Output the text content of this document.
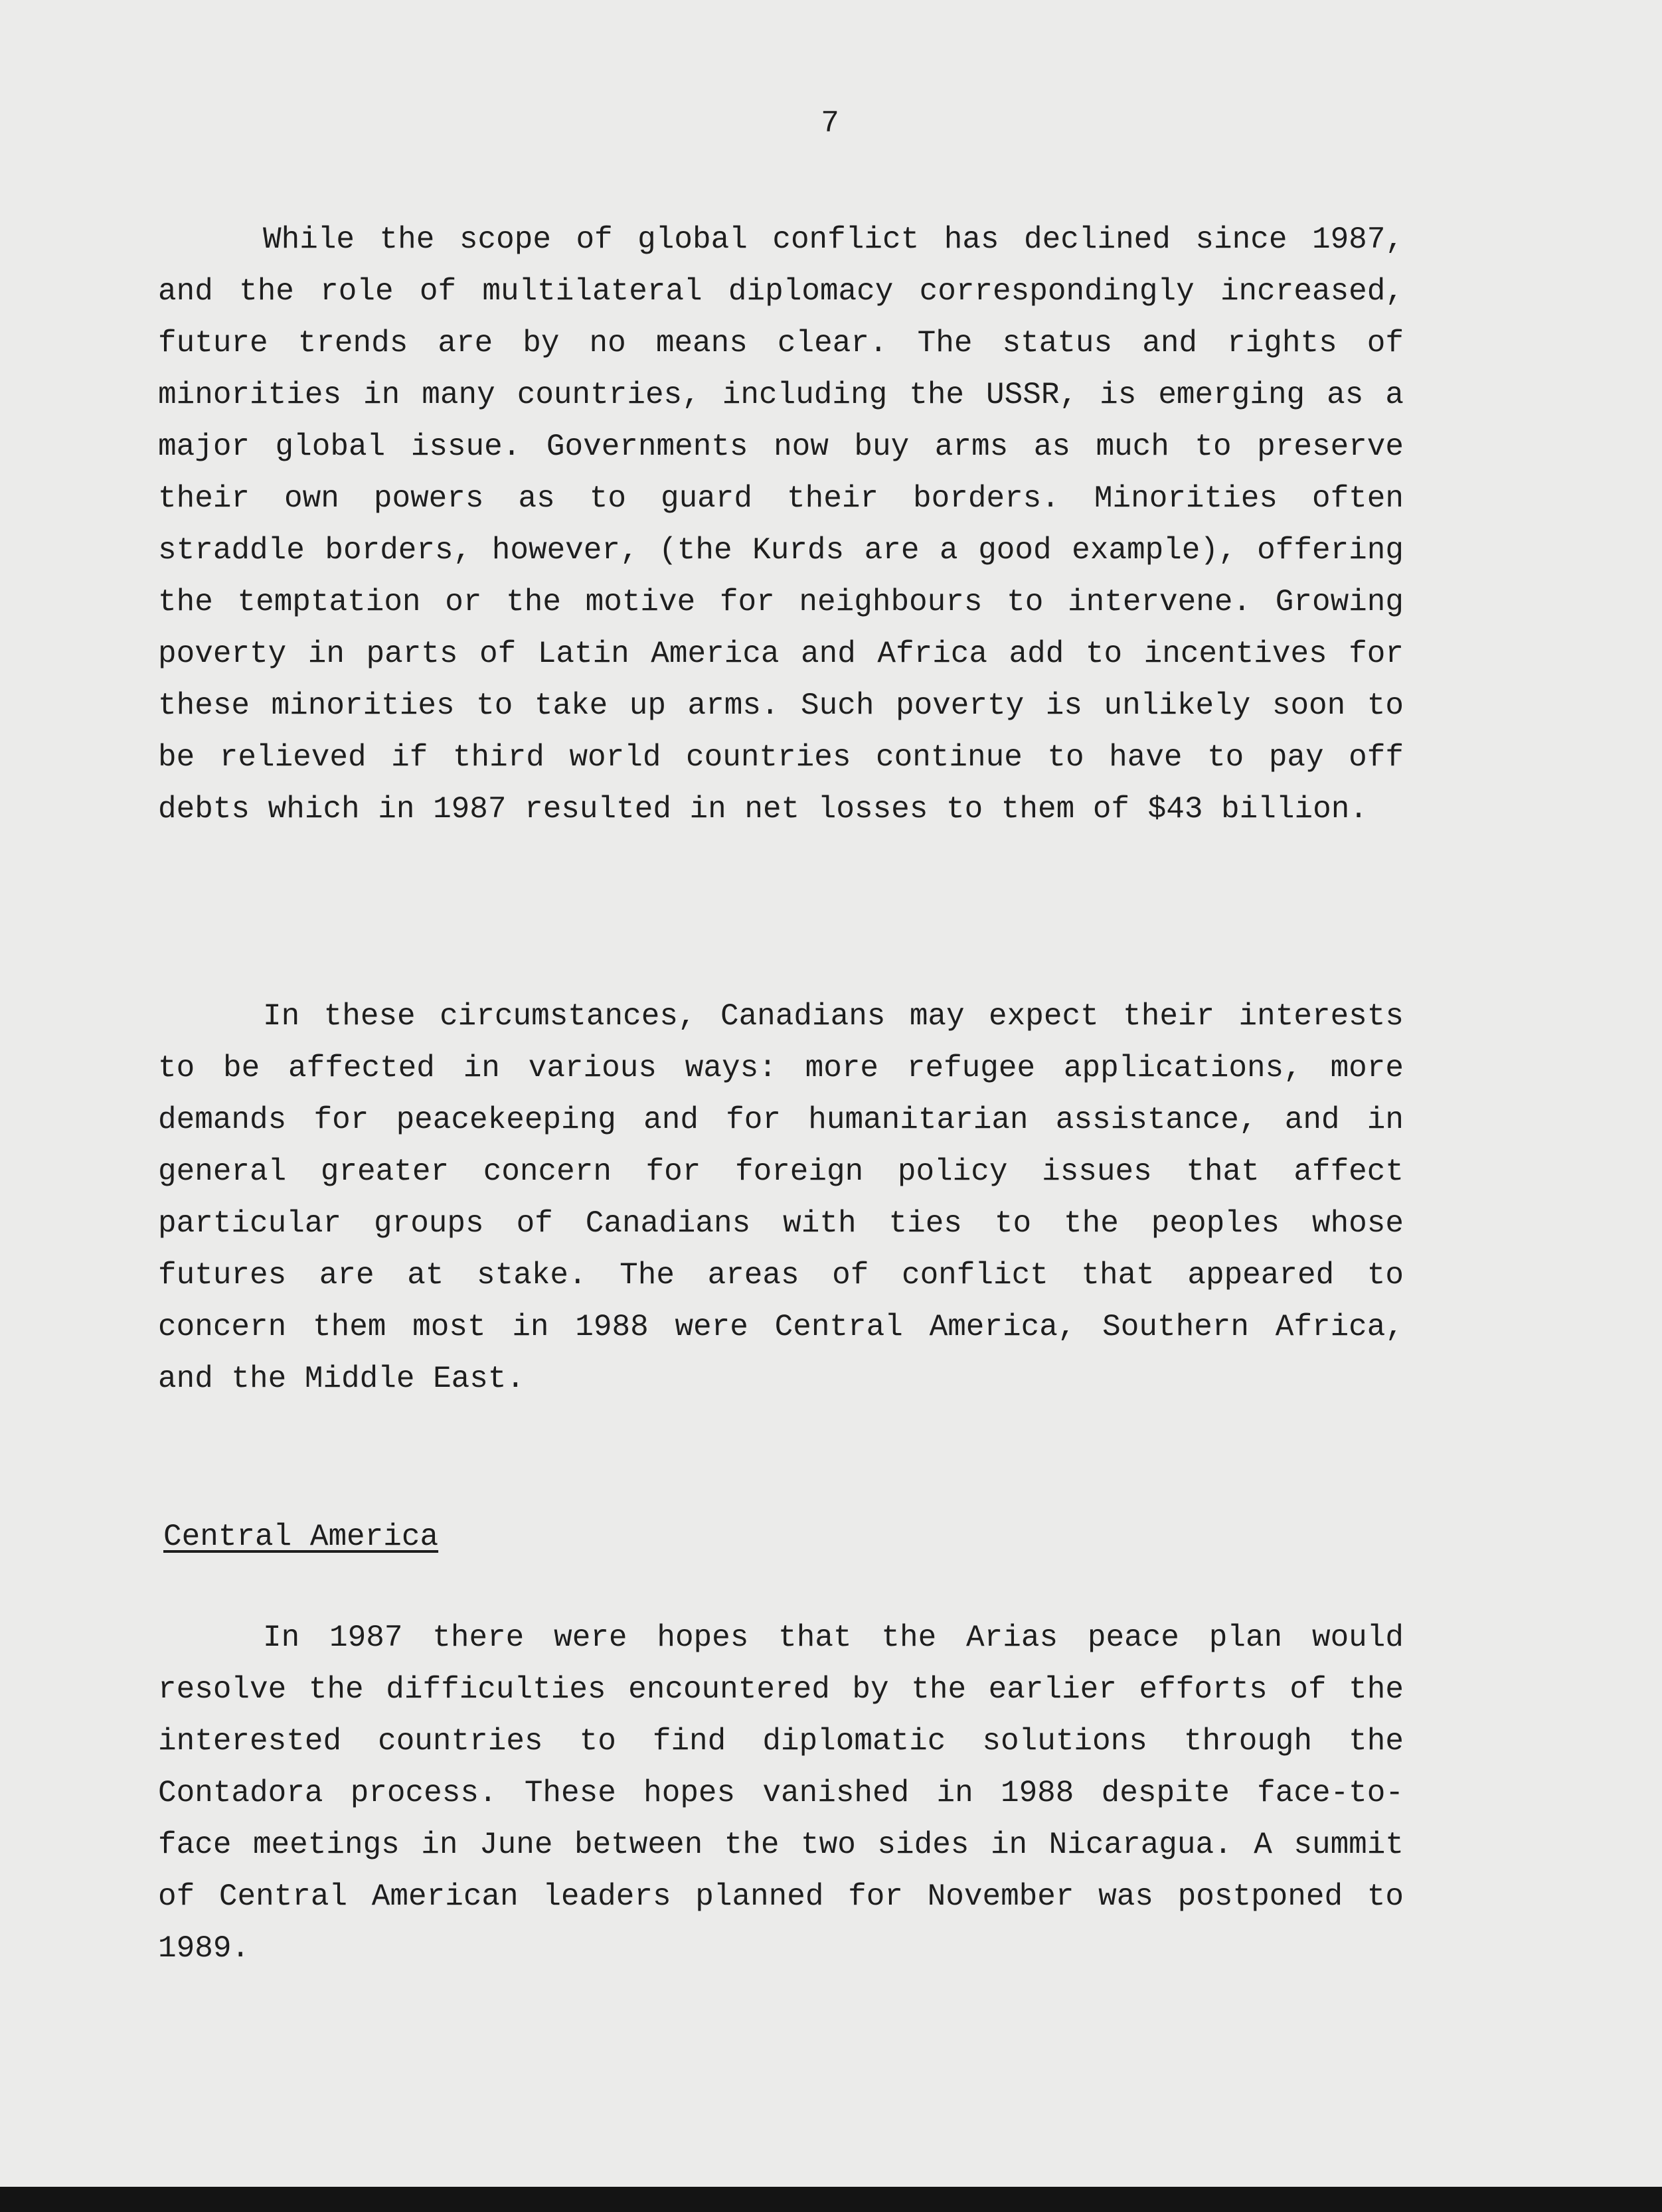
7

While the scope of global conflict has declined since 1987, and the role of multilateral diplomacy correspondingly increased, future trends are by no means clear. The status and rights of minorities in many countries, including the USSR, is emerging as a major global issue. Governments now buy arms as much to preserve their own powers as to guard their borders. Minorities often straddle borders, however, (the Kurds are a good example), offering the temptation or the motive for neighbours to intervene. Growing poverty in parts of Latin America and Africa add to incentives for these minorities to take up arms. Such poverty is unlikely soon to be relieved if third world countries continue to have to pay off debts which in 1987 resulted in net losses to them of $43 billion.

In these circumstances, Canadians may expect their interests to be affected in various ways: more refugee applications, more demands for peacekeeping and for humanitarian assistance, and in general greater concern for foreign policy issues that affect particular groups of Canadians with ties to the peoples whose futures are at stake. The areas of conflict that appeared to concern them most in 1988 were Central America, Southern Africa, and the Middle East.

Central America

In 1987 there were hopes that the Arias peace plan would resolve the difficulties encountered by the earlier efforts of the interested countries to find diplomatic solutions through the Contadora process. These hopes vanished in 1988 despite face-to-face meetings in June between the two sides in Nicaragua. A summit of Central American leaders planned for November was postponed to 1989.
